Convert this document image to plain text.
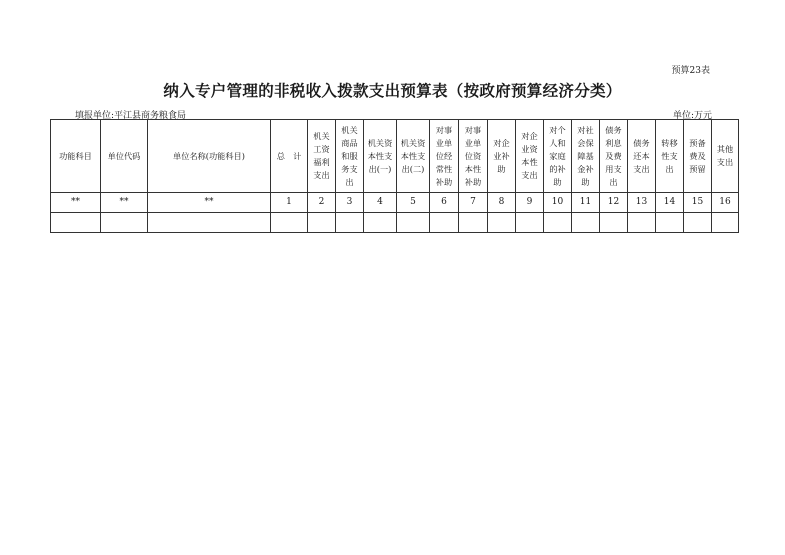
预算23表
纳入专户管理的非税收入拨款支出预算表（按政府预算经济分类）
填报单位:平江县商务粮食局	单位:万元
功能科目	单位代码	单位名称(功能科目)	总　计	机关
工资
福利
支出	机关
商品
和服
务支
出	机关资
本性支
出(一)	机关资
本性支
出(二)	对事
业单
位经
常性
补助	对事
业单
位资
本性
补助	对企
业补
助	对企
业资
本性
支出	对个
人和
家庭
的补
助	对社
会保
障基
金补
助	债务
利息
及费
用支
出	债务
还本
支出	转移
性支
出	预备
费及
预留	其他
支出
**	**	**	1	2	3	4	5	6	7	8	9	10	11	12	13	14	15	16
